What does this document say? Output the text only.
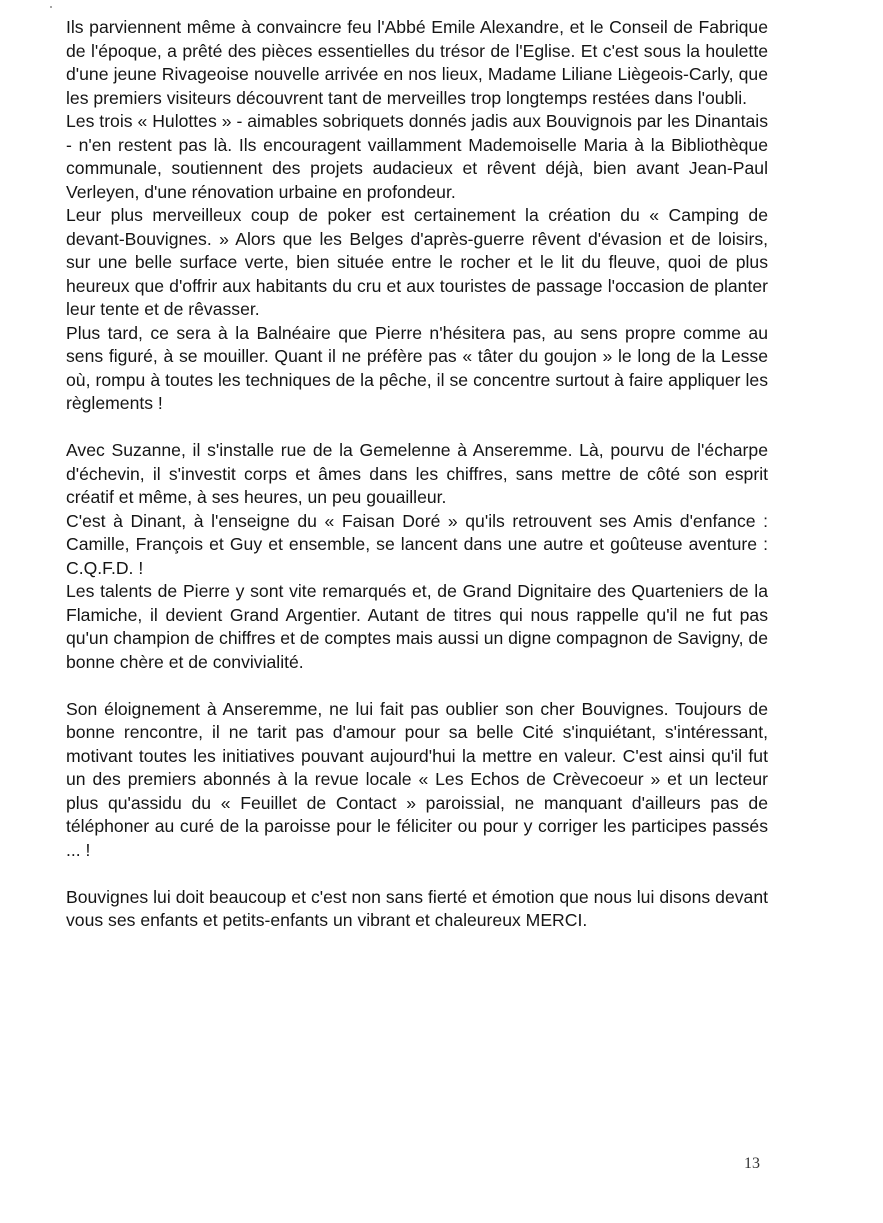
Ils parviennent même à convaincre feu l'Abbé Emile Alexandre, et le Conseil de Fabrique de l'époque, a prêté des pièces essentielles du trésor de l'Eglise. Et c'est sous la houlette d'une jeune Rivageoise nouvelle arrivée en nos lieux, Madame Liliane Liègeois-Carly, que les premiers visiteurs découvrent tant de merveilles trop longtemps restées dans l'oubli.

Les trois « Hulottes » - aimables sobriquets donnés jadis aux Bouvignois par les Dinantais - n'en restent pas là. Ils encouragent vaillamment Mademoiselle Maria à la Bibliothèque communale, soutiennent des projets audacieux et rêvent déjà, bien avant Jean-Paul Verleyen, d'une rénovation urbaine en profondeur.

Leur plus merveilleux coup de poker est certainement la création du « Camping de devant-Bouvignes. » Alors que les Belges d'après-guerre rêvent d'évasion et de loisirs, sur une belle surface verte, bien située entre le rocher et le lit du fleuve, quoi de plus heureux que d'offrir aux habitants du cru et aux touristes de passage l'occasion de planter leur tente et de rêvasser.

Plus tard, ce sera à la Balnéaire que Pierre n'hésitera pas, au sens propre comme au sens figuré, à se mouiller. Quant il ne préfère pas « tâter du goujon » le long de la Lesse où, rompu à toutes les techniques de la pêche, il se concentre surtout à faire appliquer les règlements !

Avec Suzanne, il s'installe rue de la Gemelenne à Anseremme. Là, pourvu de l'écharpe d'échevin, il s'investit corps et âmes dans les chiffres, sans mettre de côté son esprit créatif et même, à ses heures, un peu gouailleur.

C'est à Dinant, à l'enseigne du « Faisan Doré » qu'ils retrouvent ses Amis d'enfance : Camille, François et Guy et ensemble, se lancent dans une autre et goûteuse aventure : C.Q.F.D. !

Les talents de Pierre y sont vite remarqués et, de Grand Dignitaire des Quarteniers de la Flamiche, il devient Grand Argentier. Autant de titres qui nous rappelle qu'il ne fut pas qu'un champion de chiffres et de comptes mais aussi un digne compagnon de Savigny, de bonne chère et de convivialité.

Son éloignement à Anseremme, ne lui fait pas oublier son cher Bouvignes. Toujours de bonne rencontre, il ne tarit pas d'amour pour sa belle Cité s'inquiétant, s'intéressant, motivant toutes les initiatives pouvant aujourd'hui la mettre en valeur. C'est ainsi qu'il fut un des premiers abonnés à la revue locale « Les Echos de Crèvecoeur » et un lecteur plus qu'assidu du « Feuillet de Contact » paroissial, ne manquant d'ailleurs pas de téléphoner au curé de la paroisse pour le féliciter ou pour y corriger les participes passés ... !

Bouvignes lui doit beaucoup et c'est non sans fierté et émotion que nous lui disons devant vous ses enfants et petits-enfants un vibrant et chaleureux MERCI.

13
